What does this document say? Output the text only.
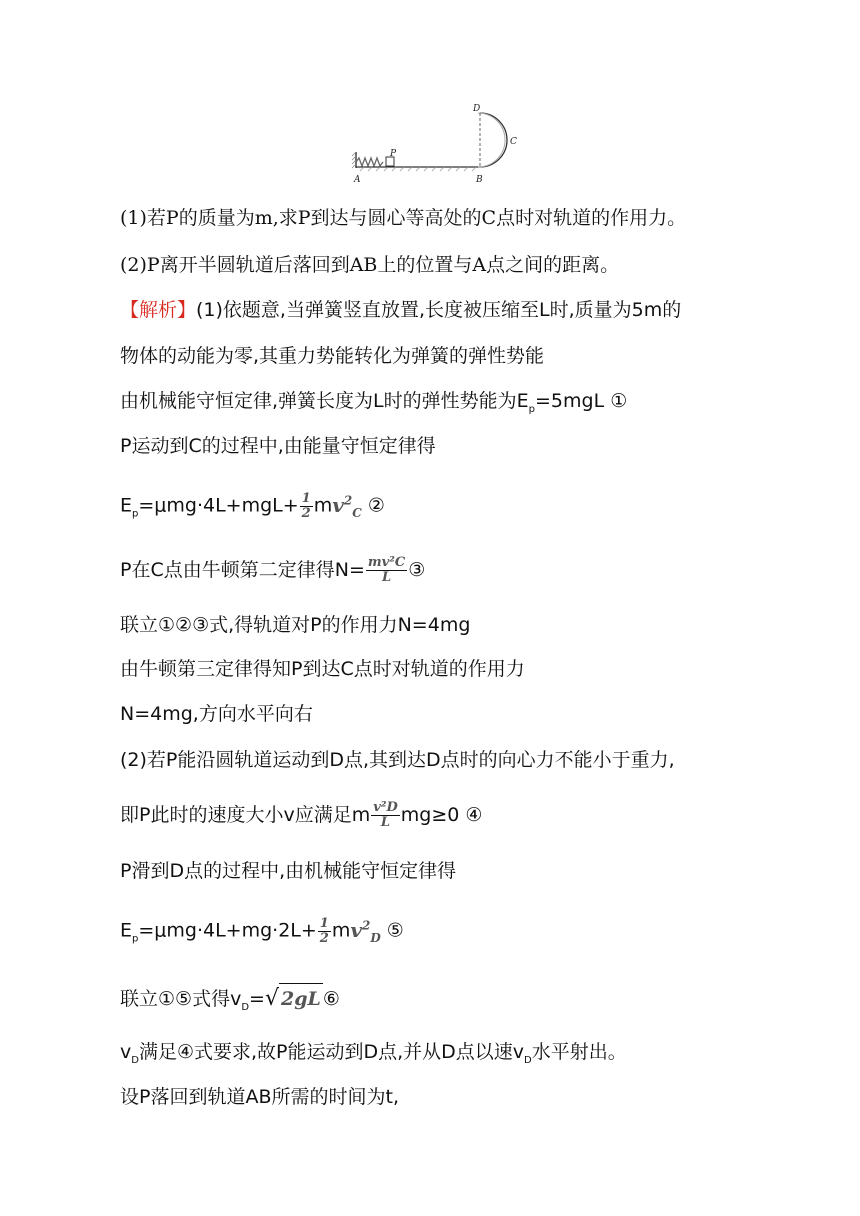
A
P
B
D
C
(1)若P的质量为m,求P到达与圆心等高处的C点时对轨道的作用力。
(2)P离开半圆轨道后落回到AB上的位置与A点之间的距离。
【解析】(1)依题意,当弹簧竖直放置,长度被压缩至L时,质量为5m的
物体的动能为零,其重力势能转化为弹簧的弹性势能
由机械能守恒定律,弹簧长度为L时的弹性势能为$E_p=5mgL$ ①
P运动到C的过程中,由能量守恒定律得
$E_p=\mu mg\cdot 4L+mgL+ \frac{1}{2} mv^2_C$ ②
P在C点由牛顿第二定律得$N= \frac{\text{mv²C}}{L}$ ③
联立①②③式,得轨道对P的作用力N=4mg
由牛顿第三定律得知P到达C点时对轨道的作用力
N=4mg,方向水平向右
(2)若P能沿圆轨道运动到D点,其到达D点时的向心力不能小于重力,
即P此时的速度大小v应满足m $\frac{\text{v²D}}{L} mg\ge 0$ ④
P滑到D点的过程中,由机械能守恒定律得
$E_p=\mu mg\cdot 4L+mg\cdot 2L+ \frac{1}{2} mv^2_D$ ⑤
联立①⑤式得$v_D=√$ 2gL ⑥
$v_D$满足④式要求,故P能运动到D点,并从D点以速$v_D$水平射出。
设P落回到轨道AB所需的时间为t,
